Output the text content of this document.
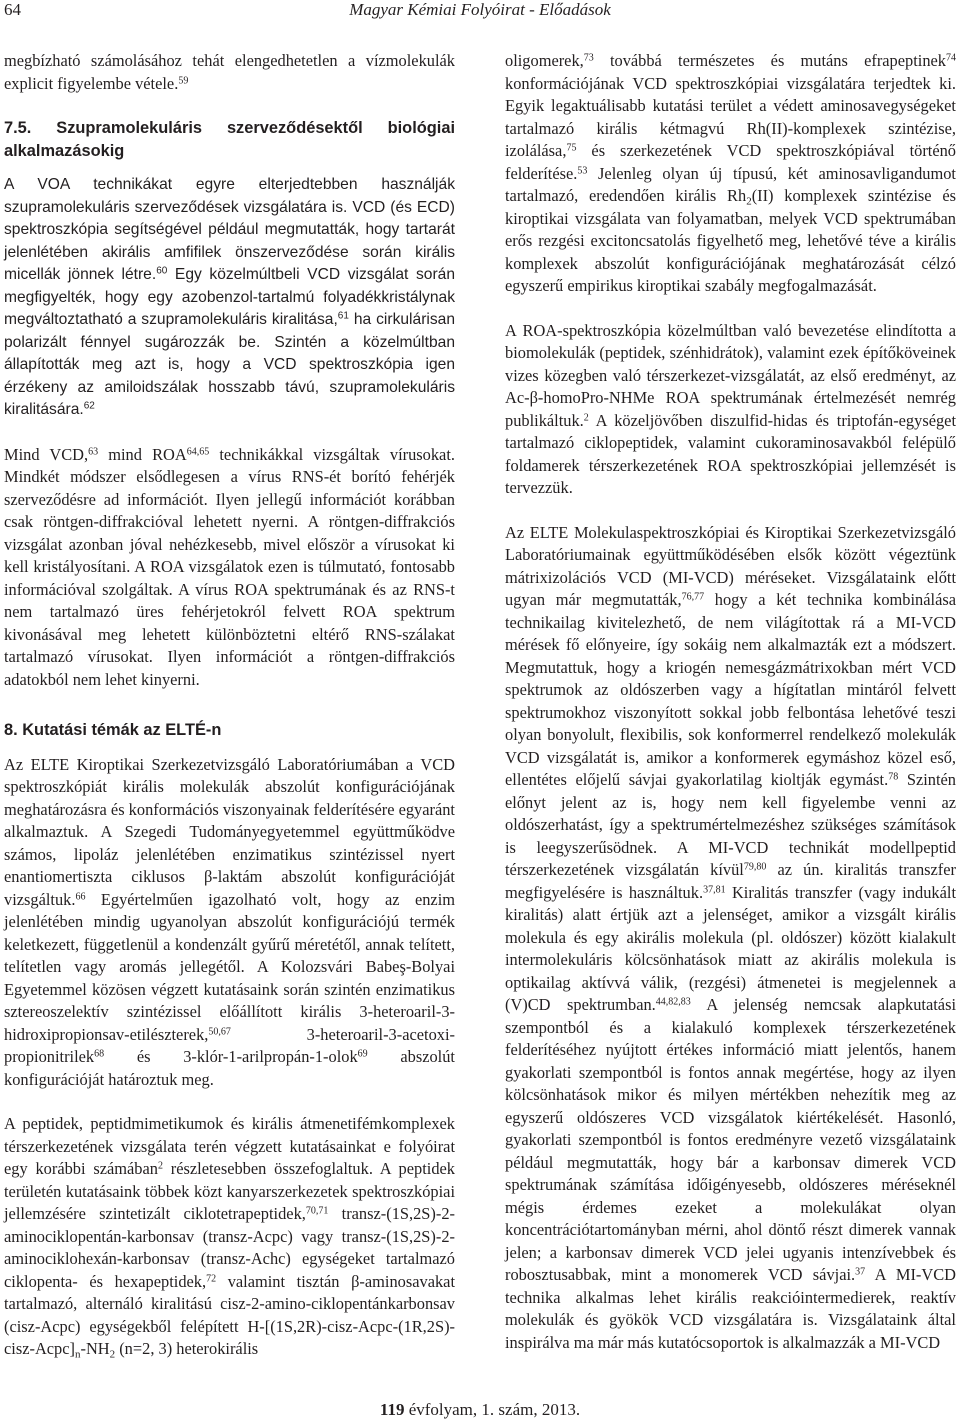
64	Magyar Kémiai Folyóirat - Előadások

megbízható számolásához tehát elengedhetetlen a vízmolekulák explicit figyelembe vétele.$^{59}$

7.5. Szupramolekuláris szerveződésektől biológiai alkalmazásokig

A VOA technikákat egyre elterjedtebben használják szupramolekuláris szerveződések vizsgálatára is. VCD (és ECD) spektroszkópia segítségével például megmutatták, hogy tartarát jelenlétében akirális amfifilek önszerveződése során királis micellák jönnek létre.$^{60}$ Egy közelmúltbeli VCD vizsgálat során megfigyelték, hogy egy azobenzol-tartalmú folyadékkristálynak megváltoztatható a szupramolekuláris kiralitása,$^{61}$ ha cirkulárisan polarizált fénnyel sugározzák be. Szintén a közelmúltban állapították meg azt is, hogy a VCD spektroszkópia igen érzékeny az amiloidszálak hosszabb távú, szupramolekuláris kiralitására.$^{62}$

Mind VCD,$^{63}$ mind ROA$^{64,65}$ technikákkal vizsgáltak vírusokat. Mindkét módszer elsődlegesen a vírus RNS-ét borító fehérjék szerveződésre ad információt. Ilyen jellegű információt korábban csak röntgen-diffrakcióval lehetett nyerni. A röntgen-diffrakciós vizsgálat azonban jóval nehézkesebb, mivel először a vírusokat ki kell kristályosítani. A ROA vizsgálatok ezen is túlmutató, fontosabb információval szolgáltak. A vírus ROA spektrumának és az RNS-t nem tartalmazó üres fehérjetokról felvett ROA spektrum kivonásával meg lehetett különböztetni eltérő RNS-szálakat tartalmazó vírusokat. Ilyen információt a röntgen-diffrakciós adatokból nem lehet kinyerni.

8. Kutatási témák az ELTÉ-n

Az ELTE Kiroptikai Szerkezetvizsgáló Laboratóriumában a VCD spektroszkópiát királis molekulák abszolút konfigurációjának meghatározásra és konformációs viszonyainak felderítésére egyaránt alkalmaztuk. A Szegedi Tudományegyetemmel együttműködve számos, lipoláz jelenlétében enzimatikus szintézissel nyert enantiomertiszta ciklusos β-laktám abszolút konfigurációját vizsgáltuk.$^{66}$ Egyértelműen igazolható volt, hogy az enzim jelenlétében mindig ugyanolyan abszolút konfigurációjú termék keletkezett, függetlenül a kondenzált gyűrű méretétől, annak telített, telítetlen vagy aromás jellegétől. A Kolozsvári Babeş-Bolyai Egyetemmel közösen végzett kutatásaink során szintén enzimatikus sztereoszelektív szintézissel előállított királis 3-heteroaril-3-hidroxipropionsav-etilészterek,$^{50,67}$ 3-heteroaril-3-acetoxi-propionitrilek$^{68}$ és 3-klór-1-arilpropán-1-olok$^{69}$ abszolút konfigurációját határoztuk meg.

A peptidek, peptidmimetikumok és királis átmenetifémkomplexek térszerkezetének vizsgálata terén végzett kutatásainkat e folyóirat egy korábbi számában$^2$ részletesebben összefoglaltuk. A peptidek területén kutatásaink többek közt kanyarszerkezetek spektroszkópiai jellemzésére szintetizált ciklotetrapeptidek,$^{70,71}$ transz-(1S,2S)-2-aminociklopentán-karbonsav (transz-Acpc) vagy transz-(1S,2S)-2-aminociklohexán-karbonsav (transz-Achc) egységeket tartalmazó ciklopenta- és hexapeptidek,$^{72}$ valamint tisztán β-aminosavakat tartalmazó, alternáló kiralitású cisz-2-amino-ciklopentánkarbonsav (cisz-Acpc) egységekből felépített $H-[(1S,2R)-cisz-Acpc-(1R,2S)-cisz-Acpc]_n-NH_2$ (n=2, 3) heterokirális

oligomerek,$^{73}$ továbbá természetes és mutáns efrapeptinek$^{74}$ konformációjának VCD spektroszkópiai vizsgálatára terjedtek ki. Egyik legaktuálisabb kutatási terület a védett aminosavegységeket tartalmazó királis kétmagvú Rh(II)-komplexek szintézise, izolálása,$^{75}$ és szerkezetének VCD spektroszkópiával történő felderítése.$^{53}$ Jelenleg olyan új típusú, két aminosavligandumot tartalmazó, eredendően királis $Rh_2(II)$ komplexek szintézise és kiroptikai vizsgálata van folyamatban, melyek VCD spektrumában erős rezgési excitoncsatolás figyelhető meg, lehetővé téve a királis komplexek abszolút konfigurációjának meghatározását célzó egyszerű empirikus kiroptikai szabály megfogalmazását.

A ROA-spektroszkópia közelmúltban való bevezetése elindította a biomolekulák (peptidek, szénhidrátok), valamint ezek építőköveinek vizes közegben való térszerkezet-vizsgálatát, az első eredményt, az Ac-β-homoPro-NHMe ROA spektrumának értelmezését nemrég publikáltuk.$^2$ A közeljövőben diszulfid-hidas és triptofán-egységet tartalmazó ciklopeptidek, valamint cukoraminosavakból felépülő foldamerek térszerkezetének ROA spektroszkópiai jellemzését is tervezzük.

Az ELTE Molekulaspektroszkópiai és Kiroptikai Szerkezetvizsgáló Laboratóriumainak együttműködésében elsők között végeztünk mátrixizolációs VCD (MI-VCD) méréseket. Vizsgálataink előtt ugyan már megmutatták,$^{76,77}$ hogy a két technika kombinálása technikailag kivitelezhető, de nem világítottak rá a MI-VCD mérések fő előnyeire, így sokáig nem alkalmazták ezt a módszert. Megmutattuk, hogy a kriogén nemesgázmátrixokban mért VCD spektrumok az oldószerben vagy a hígítatlan mintáról felvett spektrumokhoz viszonyított sokkal jobb felbontása lehetővé teszi olyan bonyolult, flexibilis, sok konformerrel rendelkező molekulák VCD vizsgálatát is, amikor a konformerek egymáshoz közel eső, ellentétes előjelű sávjai gyakorlatilag kioltják egymást.$^{78}$ Szintén előnyt jelent az is, hogy nem kell figyelembe venni az oldószerhatást, így a spektrumértelmezéshez szükséges számítások is leegyszerűsödnek. A MI-VCD technikát modellpeptid térszerkezetének vizsgálatán kívül$^{79,80}$ az ún. kiralitás transzfer megfigyelésére is használtuk.$^{37,81}$ Kiralitás transzfer (vagy indukált kiralitás) alatt értjük azt a jelenséget, amikor a vizsgált királis molekula és egy akirális molekula (pl. oldószer) között kialakult intermolekuláris kölcsönhatások miatt az akirális molekula is optikailag aktívvá válik, (rezgési) átmenetei is megjelennek a (V)CD spektrumban.$^{44,82,83}$ A jelenség nemcsak alapkutatási szempontból és a kialakuló komplexek térszerkezetének felderítéséhez nyújtott értékes információ miatt jelentős, hanem gyakorlati szempontból is fontos annak megértése, hogy az ilyen kölcsönhatások mikor és milyen mértékben nehezítik meg az egyszerű oldószeres VCD vizsgálatok kiértékelését. Hasonló, gyakorlati szempontból is fontos eredményre vezető vizsgálataink például megmutatták, hogy bár a karbonsav dimerek VCD spektrumának számítása időigényesebb, oldószeres méréseknél mégis érdemes ezeket a molekulákat olyan koncentrációtartományban mérni, ahol döntő részt dimerek vannak jelen; a karbonsav dimerek VCD jelei ugyanis intenzívebbek és robosztusabbak, mint a monomerek VCD sávjai.$^{37}$ A MI-VCD technika alkalmas lehet királis reakcióintermedierek, reaktív molekulák és gyökök VCD vizsgálatára is. Vizsgálataink által inspirálva ma már más kutatócsoportok is alkalmazzák a MI-VCD

119 évfolyam, 1. szám, 2013.
